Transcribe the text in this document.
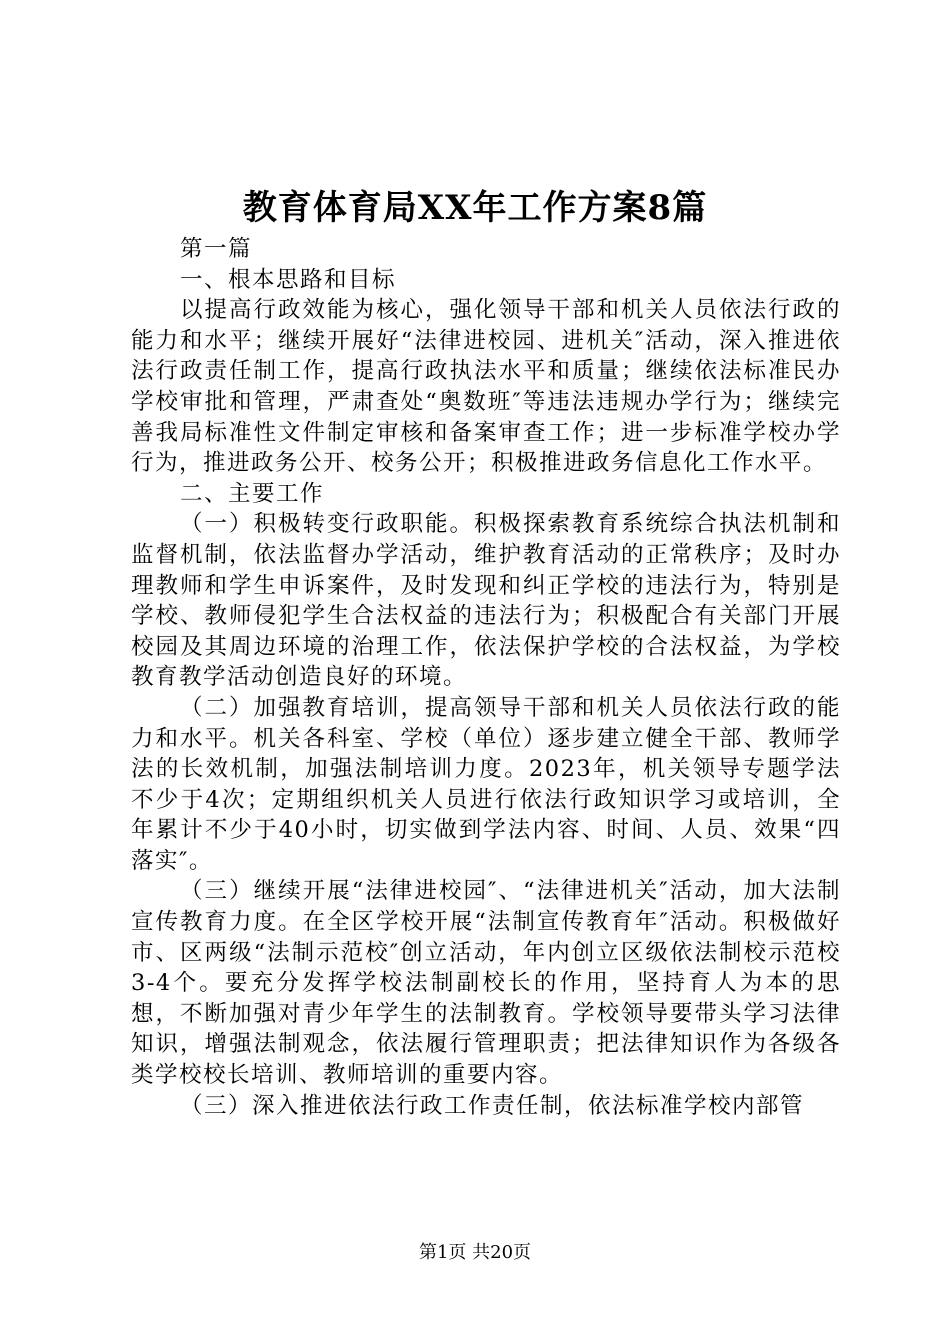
教育体育局XX年工作方案8篇

第一篇

一、根本思路和目标

以提高行政效能为核心，强化领导干部和机关人员依法行政的能力和水平；继续开展好“法律进校园、进机关″活动，深入推进依法行政责任制工作，提高行政执法水平和质量；继续依法标准民办学校审批和管理，严肃查处“奥数班″等违法违规办学行为；继续完善我局标准性文件制定审核和备案审查工作；进一步标准学校办学行为，推进政务公开、校务公开；积极推进政务信息化工作水平。

二、主要工作

（一）积极转变行政职能。积极探索教育系统综合执法机制和监督机制，依法监督办学活动，维护教育活动的正常秩序；及时办理教师和学生申诉案件，及时发现和纠正学校的违法行为，特别是学校、教师侵犯学生合法权益的违法行为；积极配合有关部门开展校园及其周边环境的治理工作，依法保护学校的合法权益，为学校教育教学活动创造良好的环境。

（二）加强教育培训，提高领导干部和机关人员依法行政的能力和水平。机关各科室、学校（单位）逐步建立健全干部、教师学法的长效机制，加强法制培训力度。2023年，机关领导专题学法不少于4次；定期组织机关人员进行依法行政知识学习或培训，全年累计不少于40小时，切实做到学法内容、时间、人员、效果“四落实″。

（三）继续开展“法律进校园″、“法律进机关″活动，加大法制宣传教育力度。在全区学校开展“法制宣传教育年″活动。积极做好市、区两级“法制示范校″创立活动，年内创立区级依法制校示范校3-4个。要充分发挥学校法制副校长的作用，坚持育人为本的思想，不断加强对青少年学生的法制教育。学校领导要带头学习法律知识，增强法制观念，依法履行管理职责；把法律知识作为各级各类学校校长培训、教师培训的重要内容。

（三）深入推进依法行政工作责任制，依法标准学校内部管

第1页 共20页
